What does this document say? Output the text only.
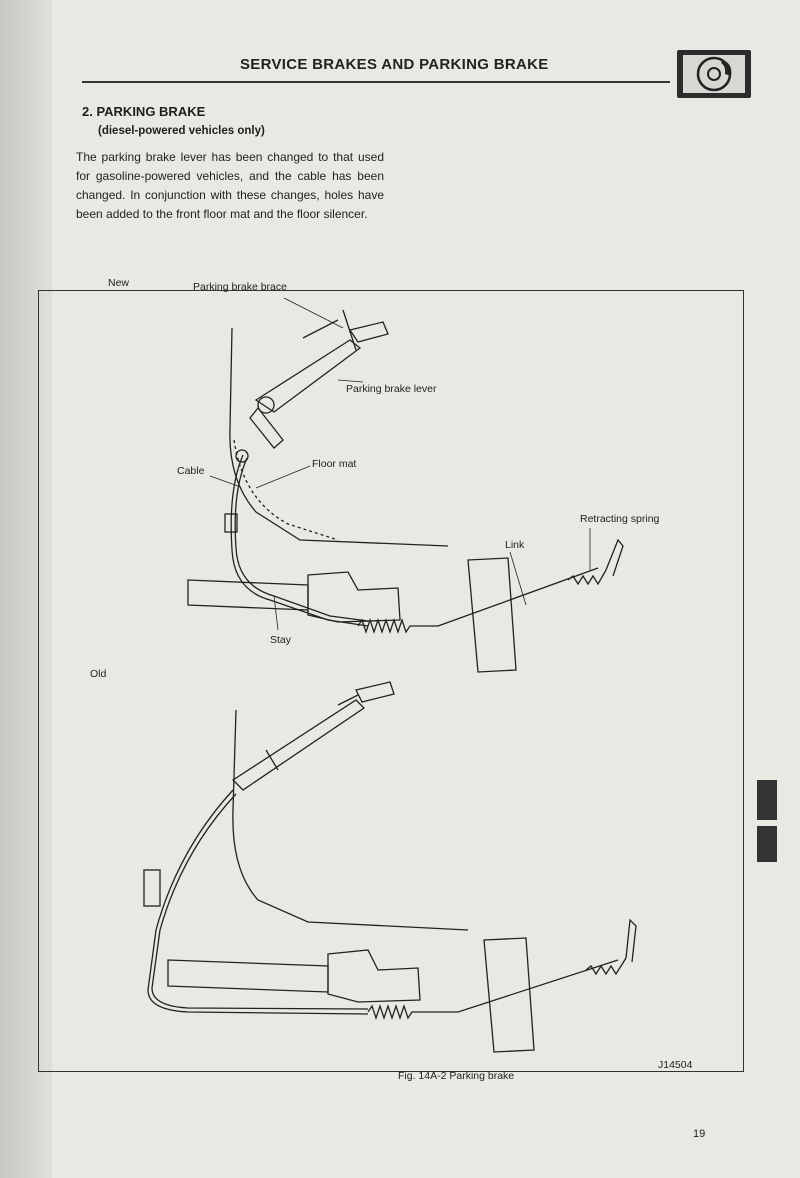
SERVICE BRAKES AND PARKING BRAKE
2. PARKING BRAKE
(diesel-powered vehicles only)
The parking brake lever has been changed to that used for gasoline-powered vehicles, and the cable has been changed. In conjunction with these changes, holes have been added to the front floor mat and the floor silencer.
New	Parking brake brace
Parking brake lever
Floor mat
Cable
Retracting spring
Link
Stay
Old
J14504
Fig. 14A-2 Parking brake
19
